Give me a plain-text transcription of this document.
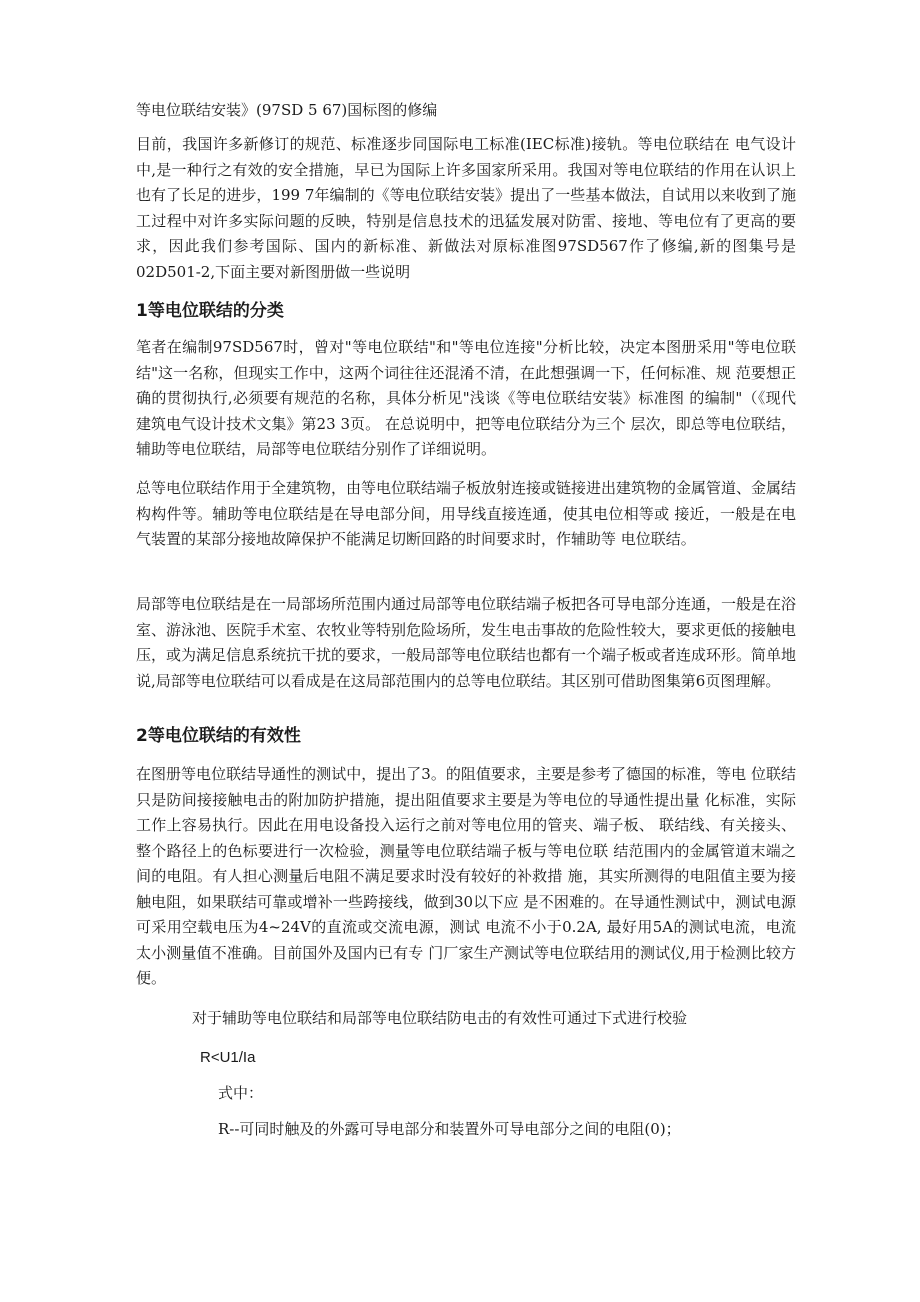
等电位联结安装》(97SD 5 67)国标图的修编

目前，我国许多新修订的规范、标准逐步同国际电工标准(IEC标准)接轨。等电位联结在 电气设计中,是一种行之有效的安全措施，早已为国际上许多国家所采用。我国对等电位联结的作用在认识上也有了长足的进步，199 7年编制的《等电位联结安装》提出了一些基本做法，自试用以来收到了施工过程中对许多实际问题的反映，特别是信息技术的迅猛发展对防雷、接地、等电位有了更高的要求，因此我们参考国际、国内的新标准、新做法对原标准图97SD567作了修编,新的图集号是02D501-2,下面主要对新图册做一些说明

1等电位联结的分类

笔者在编制97SD567时，曾对"等电位联结"和"等电位连接"分析比较，决定本图册采用"等电位联结"这一名称，但现实工作中，这两个词往往还混淆不清，在此想强调一下，任何标准、规 范要想正确的贯彻执行,必须要有规范的名称，具体分析见"浅谈《等电位联结安装》标准图 的编制"（《现代建筑电气设计技术文集》第23 3页。 在总说明中，把等电位联结分为三个 层次，即总等电位联结，辅助等电位联结，局部等电位联结分别作了详细说明。

总等电位联结作用于全建筑物，由等电位联结端子板放射连接或链接进出建筑物的金属管道、金属结构构件等。辅助等电位联结是在导电部分间，用导线直接连通，使其电位相等或 接近，一般是在电气装置的某部分接地故障保护不能满足切断回路的时间要求时，作辅助等 电位联结。

局部等电位联结是在一局部场所范围内通过局部等电位联结端子板把各可导电部分连通，一般是在浴室、游泳池、医院手术室、农牧业等特别危险场所，发生电击事故的危险性较大，要求更低的接触电压，或为满足信息系统抗干扰的要求，一般局部等电位联结也都有一个端子板或者连成环形。简单地说,局部等电位联结可以看成是在这局部范围内的总等电位联结。其区别可借助图集第6页图理解。

2等电位联结的有效性

在图册等电位联结导通性的测试中，提出了3。的阻值要求，主要是参考了德国的标准，等电 位联结只是防间接接触电击的附加防护措施，提出阻值要求主要是为等电位的导通性提出量 化标准，实际工作上容易执行。因此在用电设备投入运行之前对等电位用的管夹、端子板、 联结线、有关接头、整个路径上的色标要进行一次检验，测量等电位联结端子板与等电位联 结范围内的金属管道末端之间的电阻。有人担心测量后电阻不满足要求时没有较好的补救措 施，其实所测得的电阻值主要为接触电阻，如果联结可靠或增补一些跨接线，做到30以下应 是不困难的。在导通性测试中，测试电源可采用空载电压为4~24V的直流或交流电源，测试 电流不小于0.2A, 最好用5A的测试电流，电流太小测量值不准确。目前国外及国内已有专 门厂家生产测试等电位联结用的测试仪,用于检测比较方便。

对于辅助等电位联结和局部等电位联结防电击的有效性可通过下式进行校验
R<U1/Ia
式中：
R--可同时触及的外露可导电部分和装置外可导电部分之间的电阻(0)；
